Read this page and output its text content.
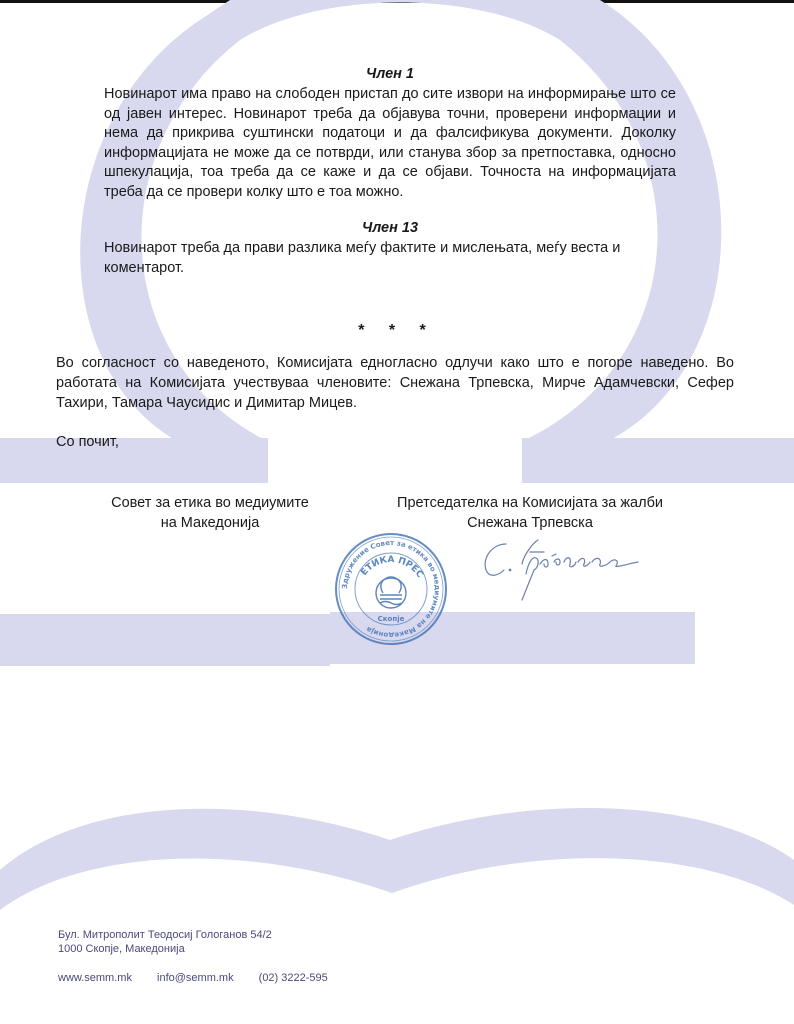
Член 1
Новинарот има право на слободен пристап до сите извори на информирање што се од јавен интерес. Новинарот треба да објавува точни, проверени информации и нема да прикрива суштински податоци и да фалсификува документи. Доколку информацијата не може да се потврди, или станува збор за претпоставка, односно шпекулација, тоа треба да се каже и да се објави. Точноста на информацијата треба да се провери колку што е тоа можно.
Член 13
Новинарот треба да прави разлика меѓу фактите и мислењата, меѓу веста и коментарот.
* * *
Во согласност со наведеното, Комисијата едногласно одлучи како што е погоре наведено. Во работата на Комисијата учествуваа членовите: Снежана Трпевска, Мирче Адамчевски, Сефер Тахири, Тамара Чаусидис и Димитар Мицев.
Со почит,
Совет за етика во медиумите
на Македонија
Претседателка на Комисијата за жалби
Снежана Трпевска
Здружение Совет за етика во медиумите на Македонија
ЕТИКА ПРЕС
Скопје
Бул. Митрополит Теодосиј Гологанов 54/2
1000 Скопје, Македонија
www.semm.mk info@semm.mk (02) 3222-595
